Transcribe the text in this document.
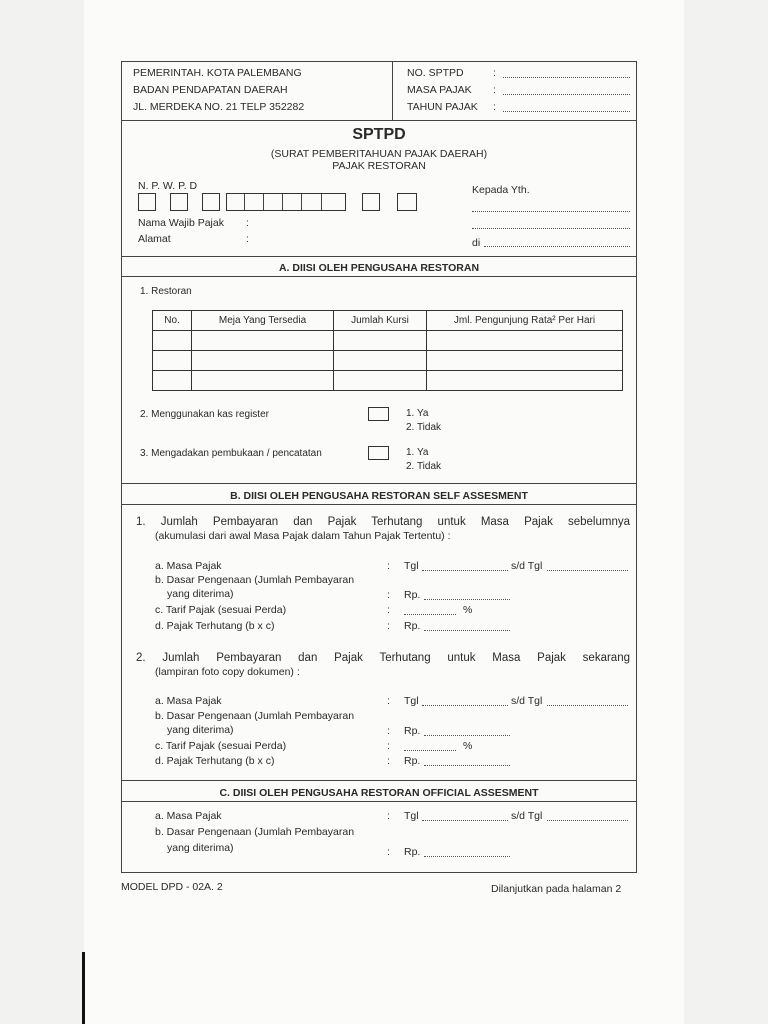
PEMERINTAH. KOTA PALEMBANG
BADAN PENDAPATAN DAERAH
JL. MERDEKA NO. 21 TELP 352282
NO. SPTPD	:
MASA PAJAK :
TAHUN PAJAK :
SPTPD
(SURAT PEMBERITAHUAN PAJAK DAERAH)
PAJAK RESTORAN
N. P. W. P. D
Nama Wajib Pajak :
Alamat	:
Kepada Yth.
di
A. DIISI OLEH PENGUSAHA RESTORAN
1. Restoran
No.	Meja Yang Tersedia	Jumlah Kursi	Jml. Pengunjung Rata² Per Hari

2. Menggunakan kas register	1. Ya
2. Tidak
3. Mengadakan pembukaan / pencatatan	1. Ya
2. Tidak
B. DIISI OLEH PENGUSAHA RESTORAN SELF ASSESMENT
1. Jumlah Pembayaran dan Pajak Terhutang untuk Masa Pajak sebelumnya
(akumulasi dari awal Masa Pajak dalam Tahun Pajak Tertentu) :
a. Masa Pajak	: Tgl	s/d Tgl
b. Dasar Pengenaan (Jumlah Pembayaran
yang diterima)	: Rp.
c. Tarif Pajak (sesuai Perda)	:	%
d. Pajak Terhutang (b x c)	: Rp.
2. Jumlah Pembayaran dan Pajak Terhutang untuk Masa Pajak sekarang
(lampiran foto copy dokumen) :
a. Masa Pajak	: Tgl	s/d Tgl
b. Dasar Pengenaan (Jumlah Pembayaran
yang diterima)	: Rp.
c. Tarif Pajak (sesuai Perda)	:	%
d. Pajak Terhutang (b x c)	: Rp.
C. DIISI OLEH PENGUSAHA RESTORAN OFFICIAL ASSESMENT
a. Masa Pajak	: Tgl	s/d Tgl
b. Dasar Pengenaan (Jumlah Pembayaran
yang diterima)	: Rp.
MODEL DPD - 02A. 2	Dilanjutkan pada halaman 2
